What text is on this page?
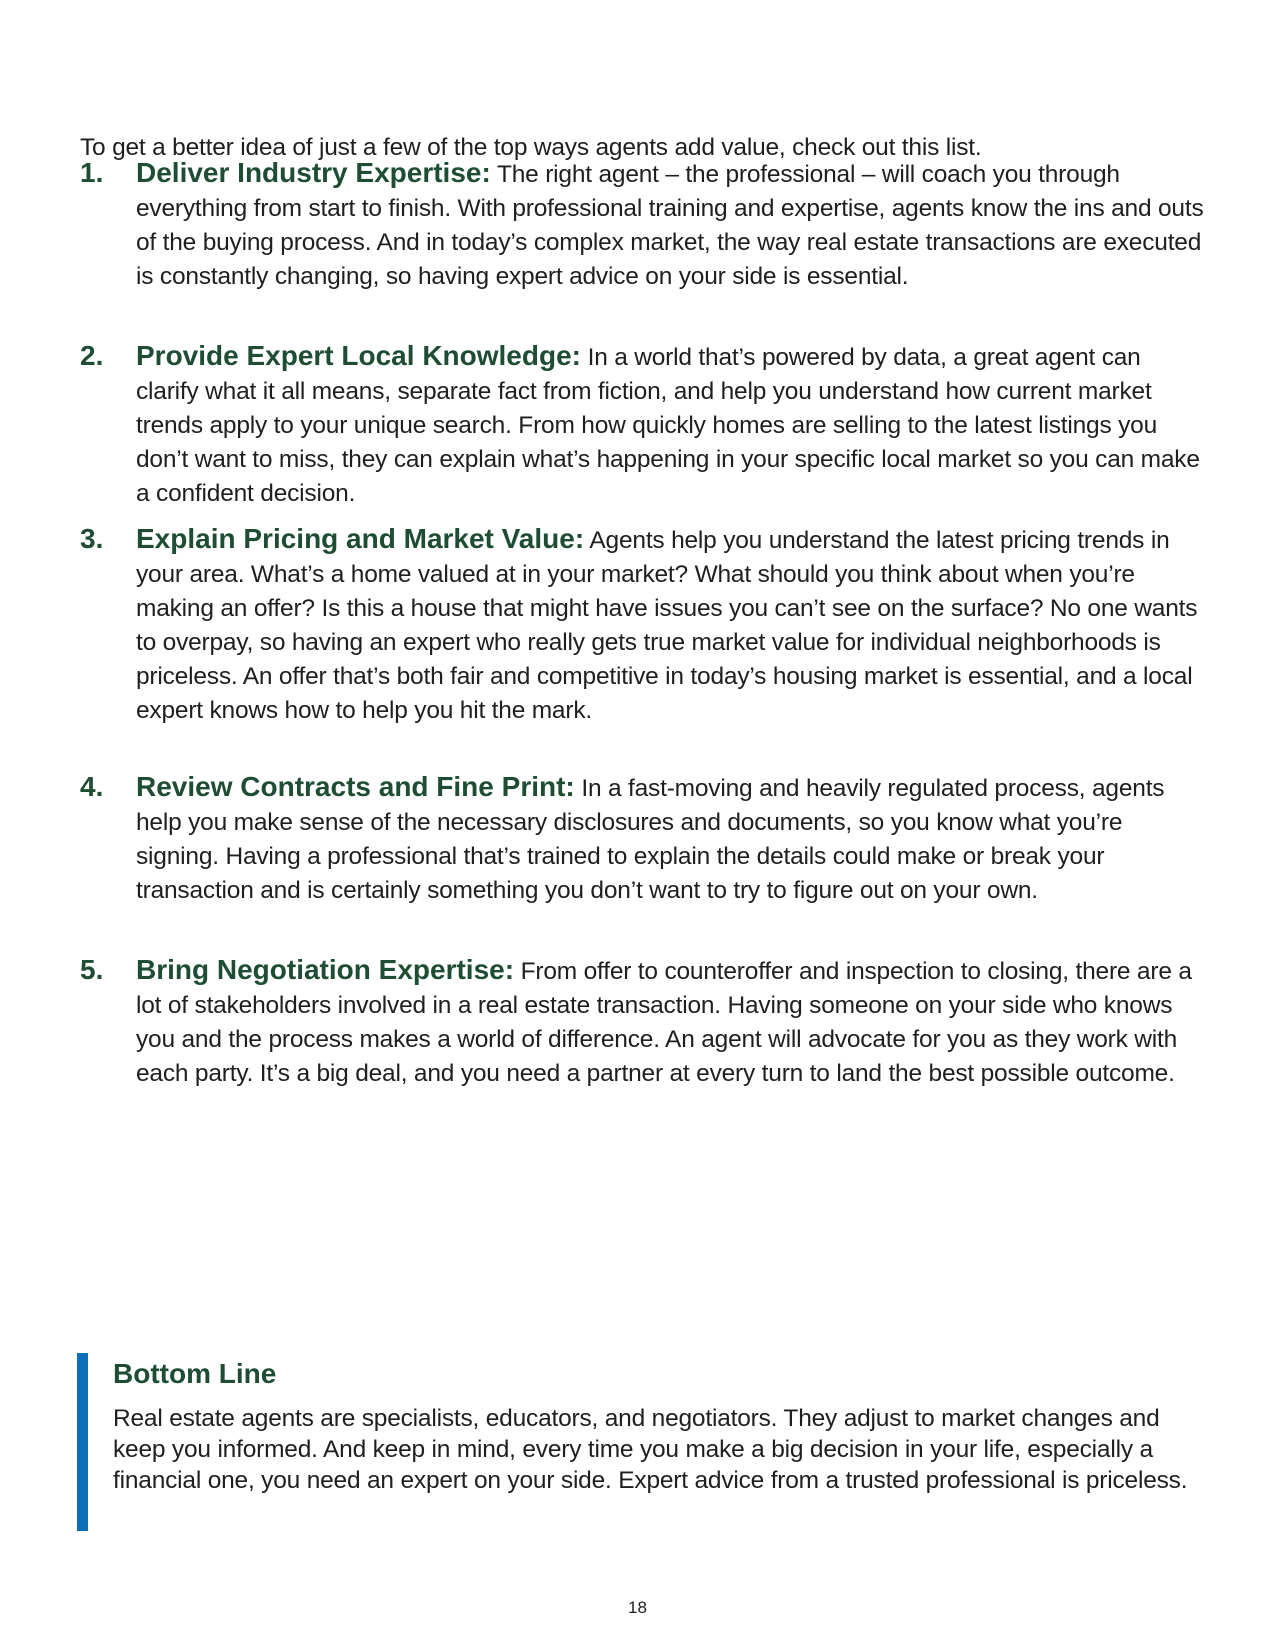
To get a better idea of just a few of the top ways agents add value, check out this list.

1. Deliver Industry Expertise: The right agent – the professional – will coach you through everything from start to finish. With professional training and expertise, agents know the ins and outs of the buying process. And in today’s complex market, the way real estate transactions are executed is constantly changing, so having expert advice on your side is essential.
2. Provide Expert Local Knowledge: In a world that’s powered by data, a great agent can clarify what it all means, separate fact from fiction, and help you understand how current market trends apply to your unique search. From how quickly homes are selling to the latest listings you don’t want to miss, they can explain what’s happening in your specific local market so you can make a confident decision.
3. Explain Pricing and Market Value: Agents help you understand the latest pricing trends in your area. What’s a home valued at in your market? What should you think about when you’re making an offer? Is this a house that might have issues you can’t see on the surface? No one wants to overpay, so having an expert who really gets true market value for individual neighborhoods is priceless. An offer that’s both fair and competitive in today’s housing market is essential, and a local expert knows how to help you hit the mark.
4. Review Contracts and Fine Print: In a fast-moving and heavily regulated process, agents help you make sense of the necessary disclosures and documents, so you know what you’re signing. Having a professional that’s trained to explain the details could make or break your transaction and is certainly something you don’t want to try to figure out on your own.
5. Bring Negotiation Expertise: From offer to counteroffer and inspection to closing, there are a lot of stakeholders involved in a real estate transaction. Having someone on your side who knows you and the process makes a world of difference. An agent will advocate for you as they work with each party. It’s a big deal, and you need a partner at every turn to land the best possible outcome.
Bottom Line
Real estate agents are specialists, educators, and negotiators. They adjust to market changes and keep you informed. And keep in mind, every time you make a big decision in your life, especially a financial one, you need an expert on your side. Expert advice from a trusted professional is priceless.
18
